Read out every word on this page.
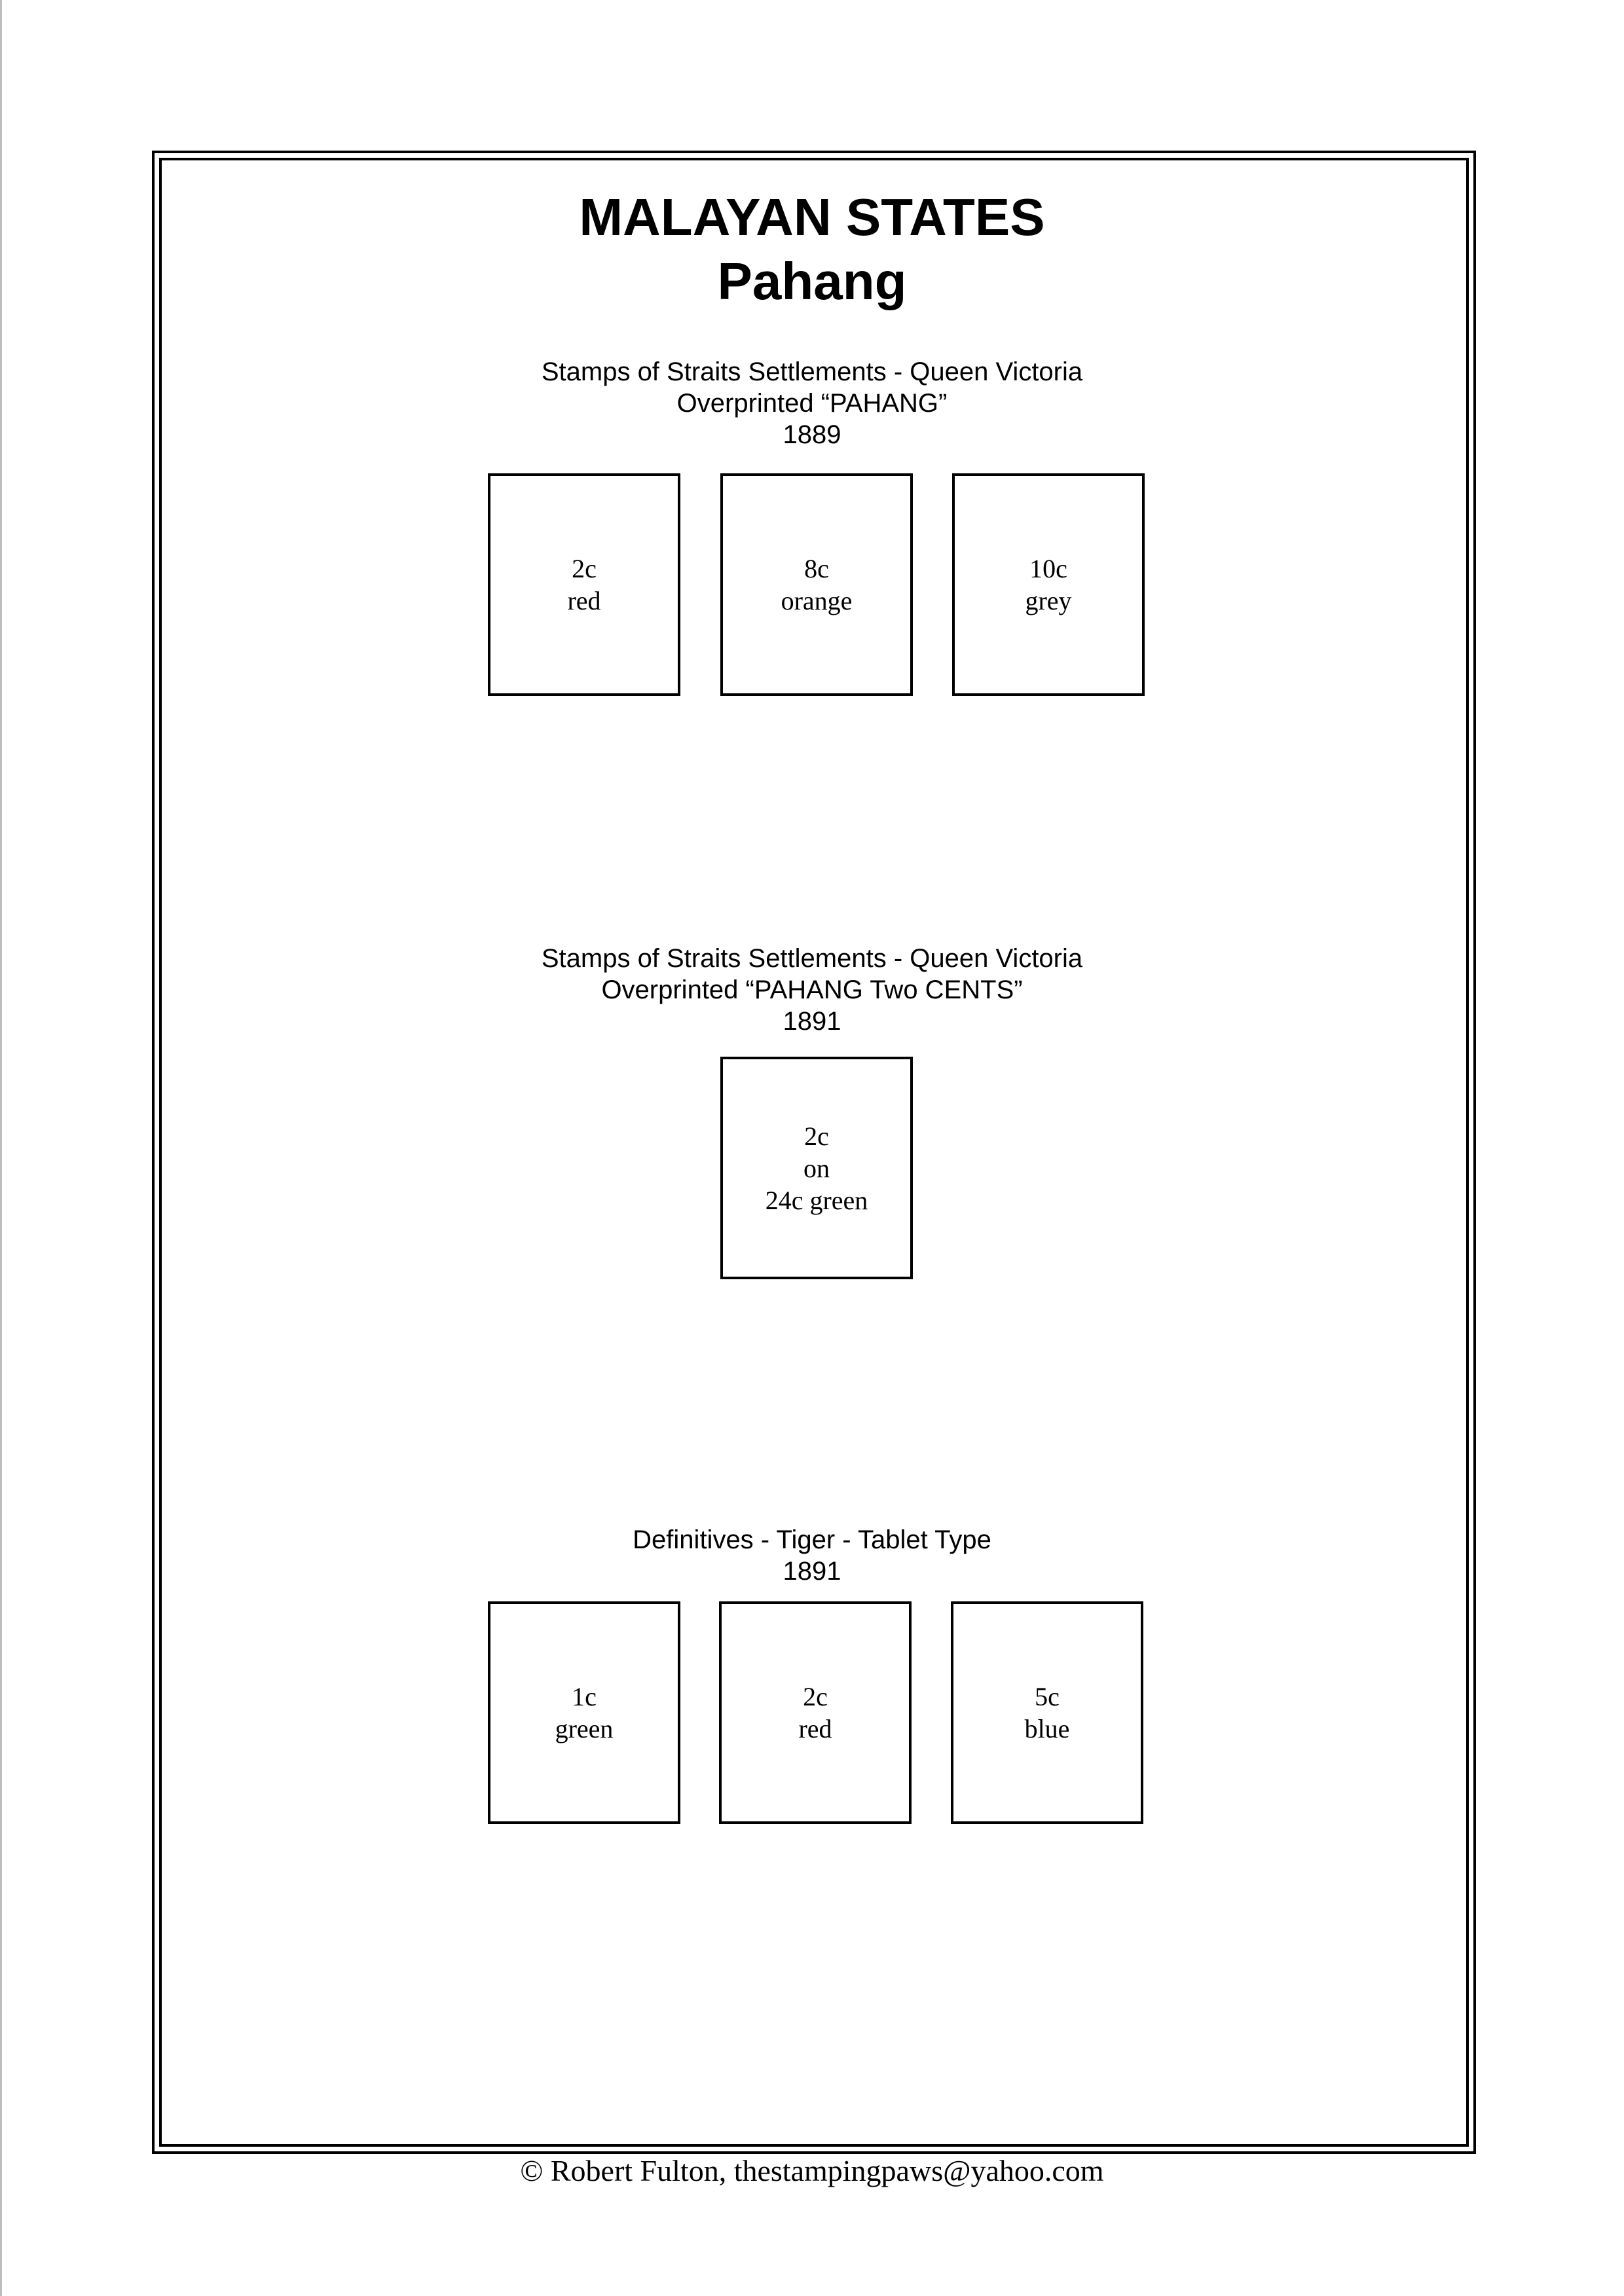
MALAYAN STATES
Pahang
Stamps of Straits Settlements - Queen Victoria
Overprinted “PAHANG”
1889
2c
red
8c
orange
10c
grey
Stamps of Straits Settlements - Queen Victoria
Overprinted “PAHANG Two CENTS”
1891
2c
on
24c green
Definitives - Tiger - Tablet Type
1891
1c
green
2c
red
5c
blue
© Robert Fulton, thestampingpaws@yahoo.com
